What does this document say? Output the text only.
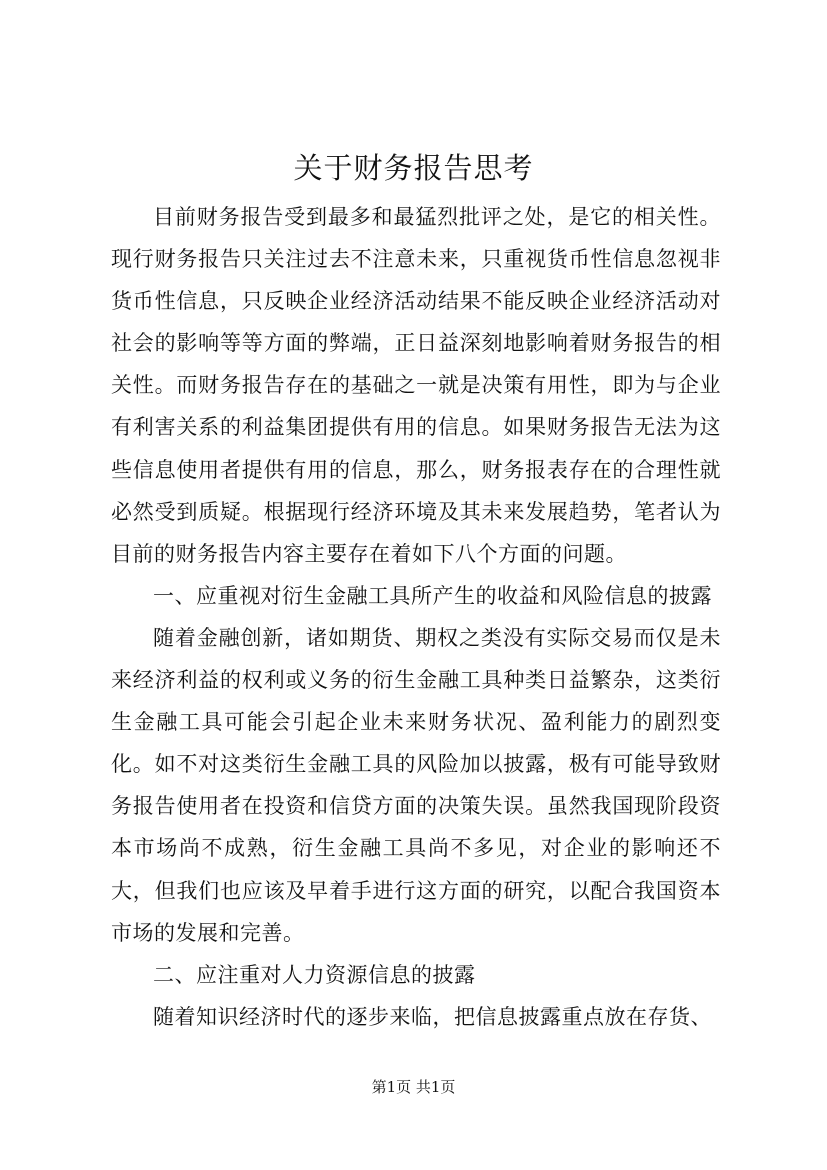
关于财务报告思考

目前财务报告受到最多和最猛烈批评之处，是它的相关性。现行财务报告只关注过去不注意未来，只重视货币性信息忽视非货币性信息，只反映企业经济活动结果不能反映企业经济活动对社会的影响等等方面的弊端，正日益深刻地影响着财务报告的相关性。而财务报告存在的基础之一就是决策有用性，即为与企业有利害关系的利益集团提供有用的信息。如果财务报告无法为这些信息使用者提供有用的信息，那么，财务报表存在的合理性就必然受到质疑。根据现行经济环境及其未来发展趋势，笔者认为目前的财务报告内容主要存在着如下八个方面的问题。

一、应重视对衍生金融工具所产生的收益和风险信息的披露

随着金融创新，诸如期货、期权之类没有实际交易而仅是未来经济利益的权利或义务的衍生金融工具种类日益繁杂，这类衍生金融工具可能会引起企业未来财务状况、盈利能力的剧烈变化。如不对这类衍生金融工具的风险加以披露，极有可能导致财务报告使用者在投资和信贷方面的决策失误。虽然我国现阶段资本市场尚不成熟，衍生金融工具尚不多见，对企业的影响还不大，但我们也应该及早着手进行这方面的研究，以配合我国资本市场的发展和完善。

二、应注重对人力资源信息的披露

随着知识经济时代的逐步来临，把信息披露重点放在存货、

第1页 共1页
